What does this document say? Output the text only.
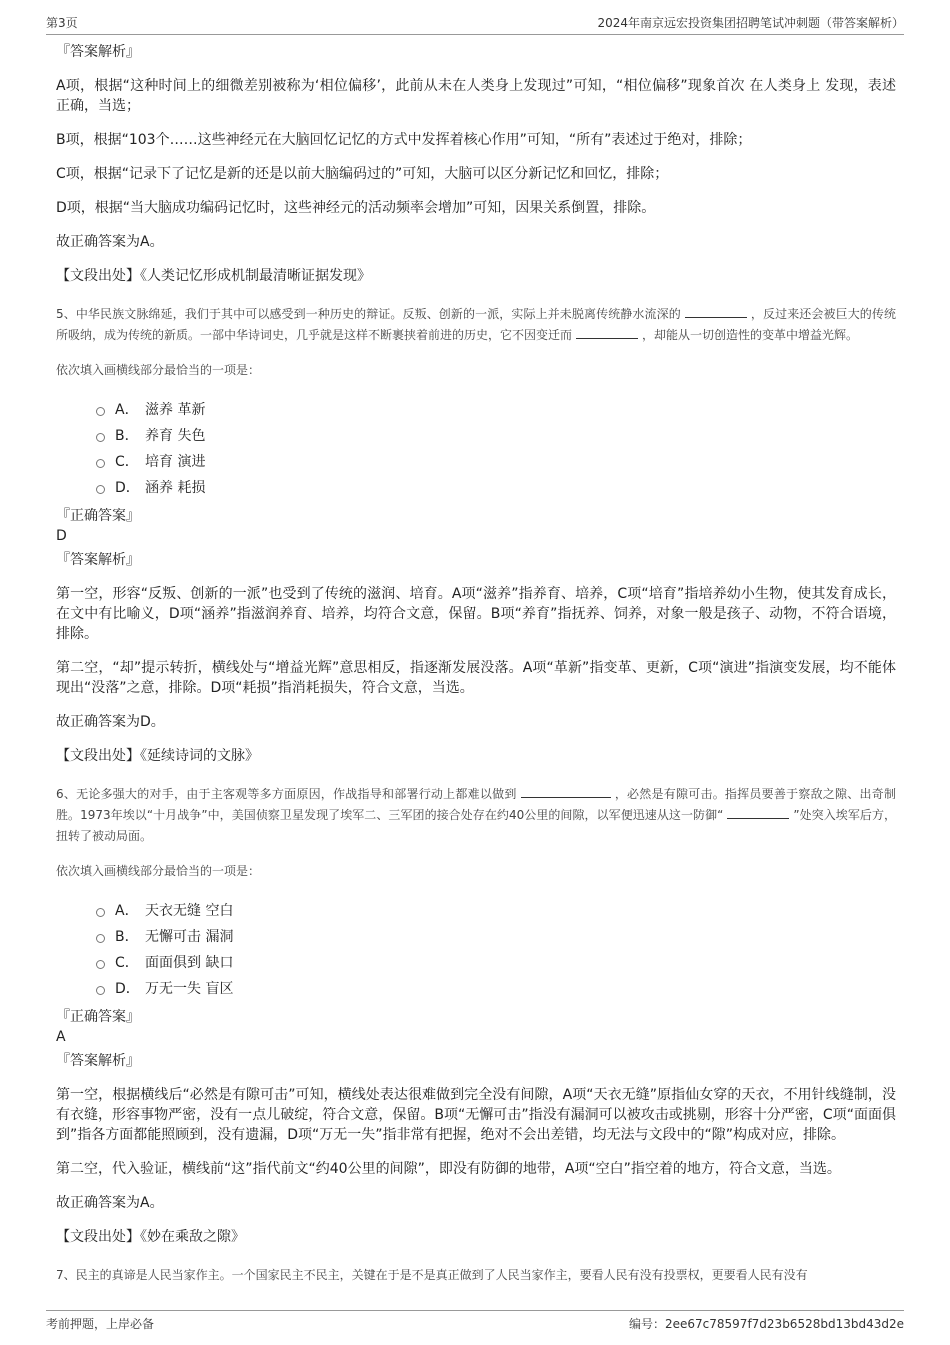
第3页	2024年南京远宏投资集团招聘笔试冲刺题（带答案解析）

『答案解析』

A项，根据“这种时间上的细微差别被称为‘相位偏移’，此前从未在人类身上发现过”可知，“相位偏移”现象首次 在人类身上 发现，表述正确，当选；

B项，根据“103个……这些神经元在大脑回忆记忆的方式中发挥着核心作用”可知，“所有”表述过于绝对，排除；

C项，根据“记录下了记忆是新的还是以前大脑编码过的”可知，大脑可以区分新记忆和回忆，排除；

D项，根据“当大脑成功编码记忆时，这些神经元的活动频率会增加”可知，因果关系倒置，排除。

故正确答案为A。

【文段出处】《人类记忆形成机制最清晰证据发现》

5、中华民族文脉绵延，我们于其中可以感受到一种历史的辩证。反叛、创新的一派，实际上并未脱离传统静水流深的	，反过来还会被巨大的传统所吸纳，成为传统的新质。一部中华诗词史，几乎就是这样不断裹挟着前进的历史，它不因变迁而	，却能从一切创造性的变革中增益光辉。

依次填入画横线部分最恰当的一项是：

A． 滋养 革新
B． 养育 失色
C． 培育 演进
D． 涵养 耗损

『正确答案』

D

『答案解析』

第一空，形容“反叛、创新的一派”也受到了传统的滋润、培育。A项“滋养”指养育、培养，C项“培育”指培养幼小生物，使其发育成长，在文中有比喻义，D项“涵养”指滋润养育、培养，均符合文意，保留。B项“养育”指抚养、饲养，对象一般是孩子、动物，不符合语境，排除。

第二空，“却”提示转折，横线处与“增益光辉”意思相反，指逐渐发展没落。A项“革新”指变革、更新，C项“演进”指演变发展，均不能体现出“没落”之意，排除。D项“耗损”指消耗损失，符合文意，当选。

故正确答案为D。

【文段出处】《延续诗词的文脉》

6、无论多强大的对手，由于主客观等多方面原因，作战指导和部署行动上都难以做到	，必然是有隙可击。指挥员要善于察敌之隙、出奇制胜。1973年埃以“十月战争”中，美国侦察卫星发现了埃军二、三军团的接合处存在约40公里的间隙，以军便迅速从这一防御“	”处突入埃军后方，扭转了被动局面。

依次填入画横线部分最恰当的一项是：

A． 天衣无缝 空白
B． 无懈可击 漏洞
C． 面面俱到 缺口
D． 万无一失 盲区

『正确答案』

A

『答案解析』

第一空，根据横线后“必然是有隙可击”可知，横线处表达很难做到完全没有间隙，A项“天衣无缝”原指仙女穿的天衣，不用针线缝制，没有衣缝，形容事物严密，没有一点儿破绽，符合文意，保留。B项“无懈可击”指没有漏洞可以被攻击或挑剔，形容十分严密，C项“面面俱到”指各方面都能照顾到，没有遗漏，D项“万无一失”指非常有把握，绝对不会出差错，均无法与文段中的“隙”构成对应，排除。

第二空，代入验证，横线前“这”指代前文“约40公里的间隙”，即没有防御的地带，A项“空白”指空着的地方，符合文意，当选。

故正确答案为A。

【文段出处】《妙在乘敌之隙》

7、民主的真谛是人民当家作主。一个国家民主不民主，关键在于是不是真正做到了人民当家作主，要看人民有没有投票权，更要看人民有没有

考前押题，上岸必备	编号：2ee67c78597f7d23b6528bd13bd43d2e
